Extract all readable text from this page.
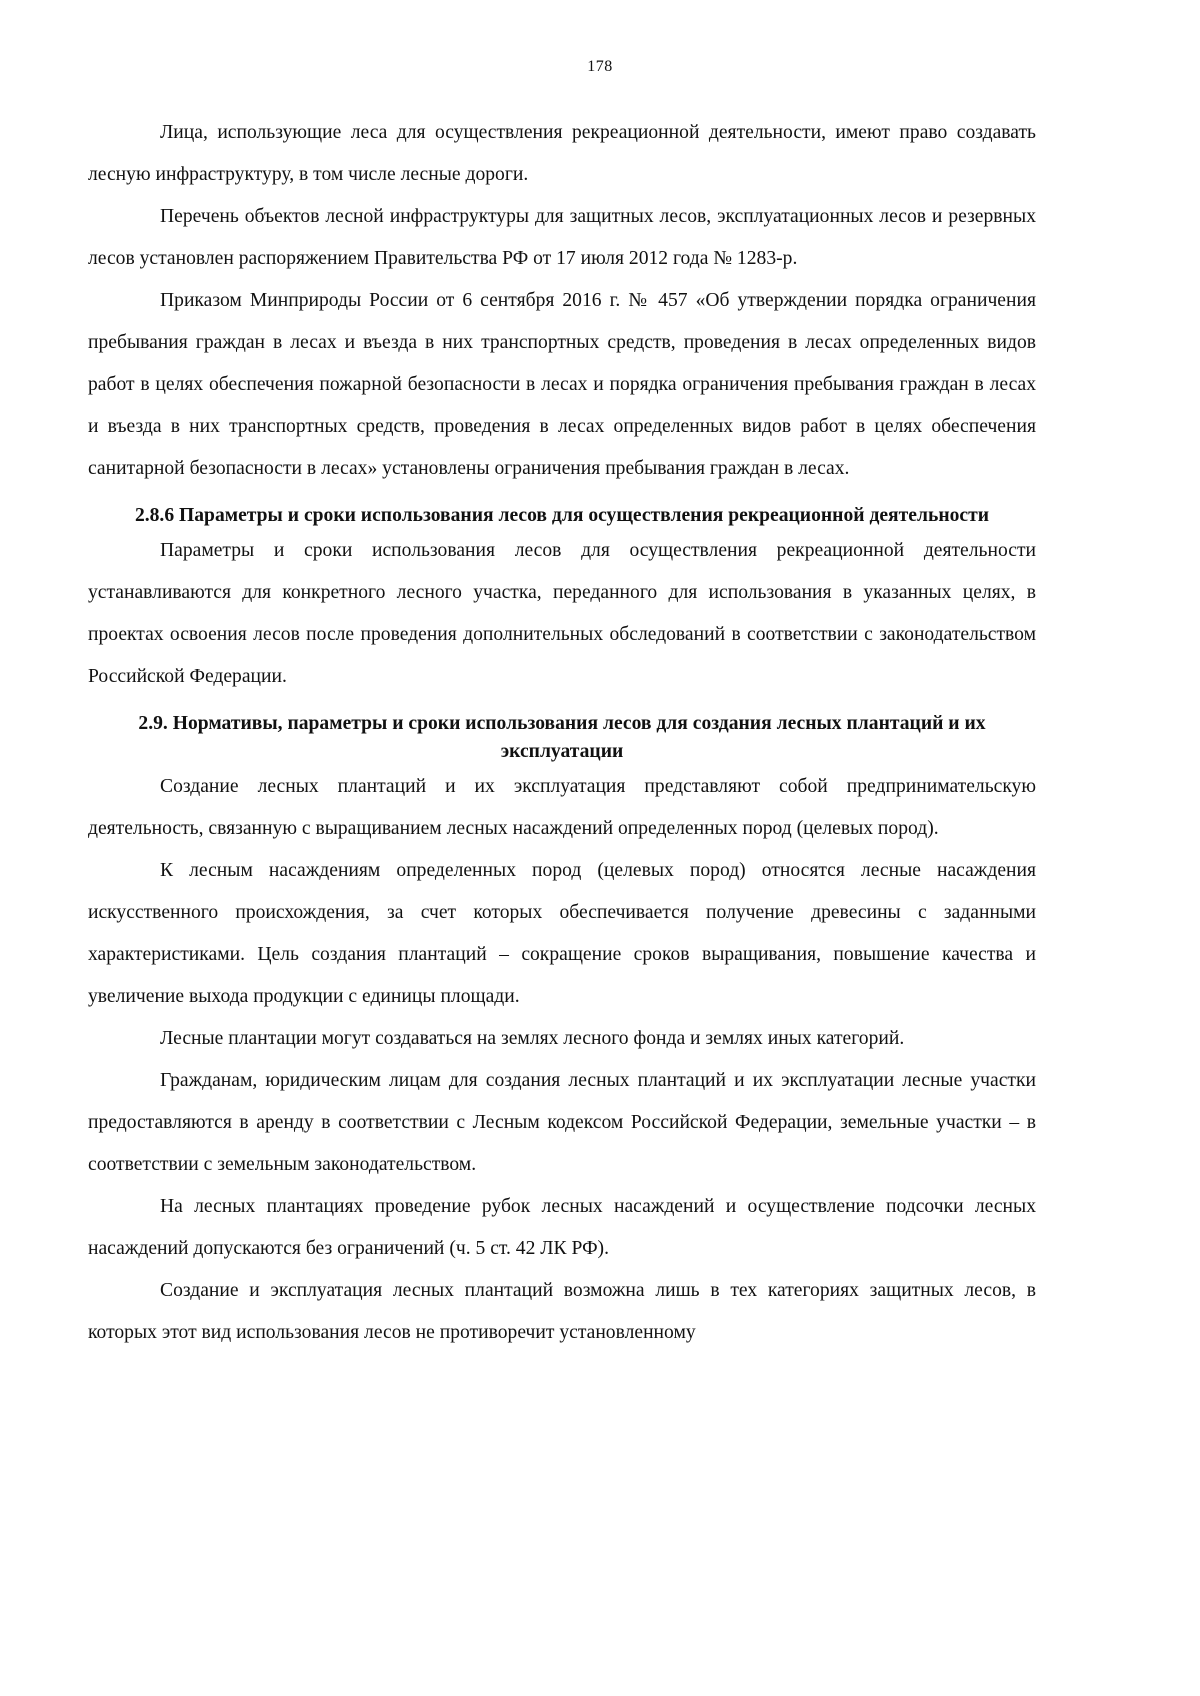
178

Лица, использующие леса для осуществления рекреационной деятельности, имеют право создавать лесную инфраструктуру, в том числе лесные дороги.

Перечень объектов лесной инфраструктуры для защитных лесов, эксплуатационных лесов и резервных лесов установлен распоряжением Правительства РФ от 17 июля 2012 года № 1283-р.

Приказом Минприроды России от 6 сентября 2016 г. № 457 «Об утверждении порядка ограничения пребывания граждан в лесах и въезда в них транспортных средств, проведения в лесах определенных видов работ в целях обеспечения пожарной безопасности в лесах и порядка ограничения пребывания граждан в лесах и въезда в них транспортных средств, проведения в лесах определенных видов работ в целях обеспечения санитарной безопасности в лесах» установлены ограничения пребывания граждан в лесах.

2.8.6 Параметры и сроки использования лесов для осуществления рекреационной деятельности

Параметры и сроки использования лесов для осуществления рекреационной деятельности устанавливаются для конкретного лесного участка, переданного для использования в указанных целях, в проектах освоения лесов после проведения дополнительных обследований в соответствии с законодательством Российской Федерации.

2.9. Нормативы, параметры и сроки использования лесов для создания лесных плантаций и их эксплуатации

Создание лесных плантаций и их эксплуатация представляют собой предпринимательскую деятельность, связанную с выращиванием лесных насаждений определенных пород (целевых пород).

К лесным насаждениям определенных пород (целевых пород) относятся лесные насаждения искусственного происхождения, за счет которых обеспечивается получение древесины с заданными характеристиками. Цель создания плантаций – сокращение сроков выращивания, повышение качества и увеличение выхода продукции с единицы площади.

Лесные плантации могут создаваться на землях лесного фонда и землях иных категорий.

Гражданам, юридическим лицам для создания лесных плантаций и их эксплуатации лесные участки предоставляются в аренду в соответствии с Лесным кодексом Российской Федерации, земельные участки – в соответствии с земельным законодательством.

На лесных плантациях проведение рубок лесных насаждений и осуществление подсочки лесных насаждений допускаются без ограничений (ч. 5 ст. 42 ЛК РФ).

Создание и эксплуатация лесных плантаций возможна лишь в тех категориях защитных лесов, в которых этот вид использования лесов не противоречит установленному
